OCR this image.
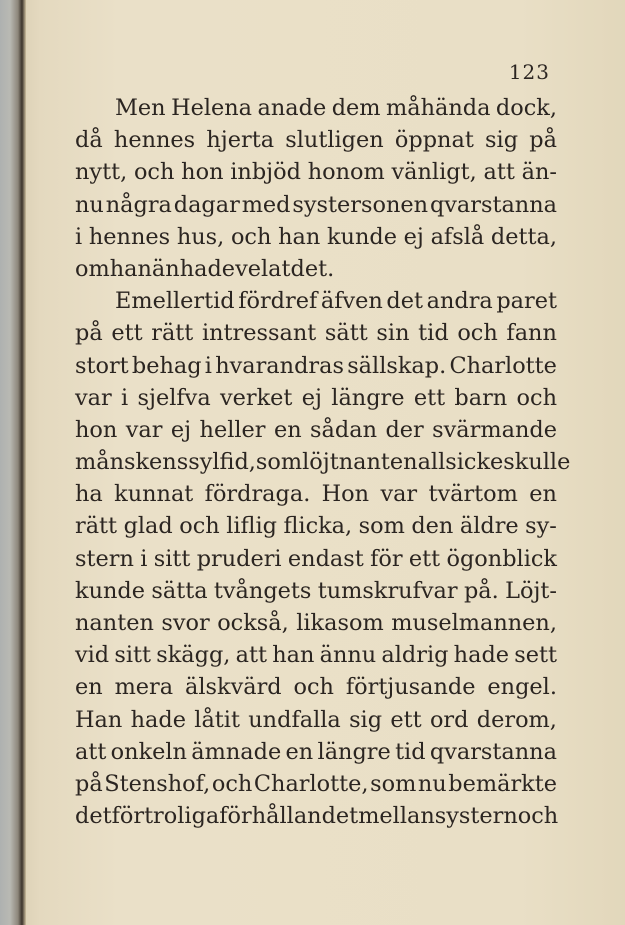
123
Men Helena anade dem måhända dock,
då hennes hjerta slutligen öppnat sig på
nytt, och hon inbjöd honom vänligt, att än-
nu några dagar med systersonen qvarstanna
i hennes hus, och han kunde ej afslå detta,
om han än hade velat det.
Emellertid fördref äfven det andra paret
på ett rätt intressant sätt sin tid och fann
stort behag i hvarandras sällskap. Charlotte
var i sjelfva verket ej längre ett barn och
hon var ej heller en sådan der svärmande
månskenssylfid, som löjtnanten alls icke skulle
ha kunnat fördraga. Hon var tvärtom en
rätt glad och liflig flicka, som den äldre sy-
stern i sitt pruderi endast för ett ögonblick
kunde sätta tvångets tumskrufvar på. Löjt-
nanten svor också, likasom muselmannen,
vid sitt skägg, att han ännu aldrig hade sett
en mera älskvärd och förtjusande engel.
Han hade låtit undfalla sig ett ord derom,
att onkeln ämnade en längre tid qvarstanna
på Stenshof, och Charlotte, som nu bemärkte
det förtroliga förhållandet mellan systern och
